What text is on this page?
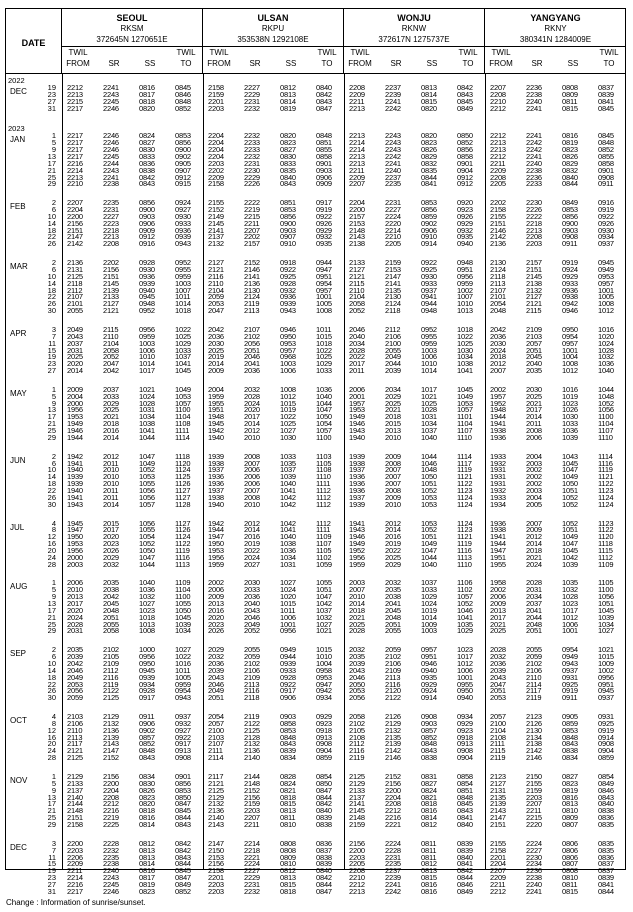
DATE
SEOUL
RKSM
372645N 1270651E
TWIL
FROM	SR	SS
TWIL
TO
ULSAN
RKPU
353538N 1292108E
TWIL
FROM	SR	SS
TWIL
TO
WONJU
RKNW
372617N 1275737E
TWIL
FROM	SR	SS
TWIL
TO
YANGYANG
RKNY
380341N 1284009E
TWIL
FROM	SR	SS
TWIL
TO
2022
DEC	19 2212	2241	0816	0845 2158	2227	0812	0840 2208	2237	0813	0842 2207	2236	0808	0837
23 2213	2243	0817	0846 2159	2229	0813	0842 2209	2239	0814	0843 2208	2238	0809	0839
27 2215	2245	0818	0848 2201	2231	0814	0843 2211	2241	0815	0845 2210	2240	0811	0841
31 2217	2246	0820	0852 2203	2232	0819	0847 2213	2242	0820	0849 2212	2241	0815	0845
2023
JAN	1 2217	2246	0824	0853 2204	2232	0820	0848 2213	2243	0820	0850 2212	2241	0816	0845
5 2217	2246	0827	0856 2204	2233	0823	0851 2214	2243	0823	0852 2213	2242	0819	0848
9 2217	2246	0830	0900 2204	2233	0827	0855 2214	2243	0826	0856 2213	2242	0823	0852
13 2217	2245	0833	0902 2204	2232	0830	0858 2213	2242	0829	0858 2212	2241	0826	0855
17 2216	2244	0836	0905 2203	2231	0833	0901 2213	2241	0832	0901 2211	2240	0829	0858
21 2214	2243	0838	0907 2202	2230	0835	0903 2211	2240	0835	0904 2209	2238	0832	0901
25 2213	2241	0842	0912 2209	2229	0840	0906 2209	2237	0844	0912 2208	2236	0840	0908
29 2210	2238	0843	0915 2158	2226	0843	0909 2207	2235	0841	0912 2205	2233	0844	0911
FEB	2 2207	2235	0856	0924 2155	2222	0851	0917 2204	2231	0853	0920 2202	2230	0849	0916
6 2204	2231	0900	0927 2152	2219	0853	0919 2200	2227	0856	0923 2158	2226	0853	0919
10 2200	2227	0903	0930 2149	2215	0856	0922 2157	2224	0859	0926 2155	2222	0856	0922
14 2156	2223	0906	0933 2145	2211	0900	0926 2153	2220	0902	0929 2151	2218	0900	0926
18 2151	2218	0909	0936 2141	2207	0903	0929 2148	2214	0906	0932 2146	2213	0903	0930
22 2147	2213	0912	0939 2137	2202	0907	0932 2143	2210	0910	0935 2142	2208	0908	0934
26 2142	2208	0916	0943 2132	2157	0910	0935 2138	2205	0914	0940 2136	2203	0911	0937
MAR	2 2136	2202	0928	0952 2127	2152	0918	0944 2133	2159	0922	0948 2130	2157	0919	0945
6 2131	2156	0930	0955 2121	2146	0922	0947 2127	2153	0925	0951 2124	2151	0924	0949
10 2125	2151	0936	0959 2116	2141	0925	0951 2121	2147	0930	0956 2118	2145	0929	0953
14 2118	2145	0939	1003 2110	2136	0928	0954 2115	2141	0933	0959 2113	2138	0933	0957
18 2112	2139	0940	1007 2104	2130	0932	0957 2110	2135	0937	1002 2107	2132	0936	1001
22 2107	2133	0945	1011 2059	2124	0936	1001 2104	2130	0941	1007 2101	2127	0938	1005
26 2101	2127	0948	1014 2053	2119	0939	1005 2058	2124	0944	1010 2054	2121	0942	1008
30 2055	2121	0952	1018 2047	2113	0943	1008 2052	2118	0948	1013 2048	2115	0946	1012
APR	3 2049	2115	0956	1022 2042	2107	0946	1011 2046	2112	0952	1018 2042	2109	0950	1016
7 2043	2110	0959	1025 2036	2102	0950	1015 2040	2106	0955	1022 2036	2103	0954	1020
11 2037	2104	1003	1029 2030	2056	0953	1018 2034	2100	0959	1025 2030	2057	0957	1024
15 2031	2058	1006	1033 2025	2051	0957	1022 2028	2055	1003	1030 2024	2051	1001	1028
19 2025	2052	1010	1037 2019	2046	0968	1025 2022	2049	1006	1034 2018	2045	1004	1032
23 2020	2047	1014	1041 2014	2041	1003	1029 2017	2044	1010	1038 2012	2040	1008	1036
27 2014	2042	1017	1045 2009	2036	1006	1033 2011	2039	1014	1041 2007	2035	1012	1040
MAY	1 2009	2037	1021	1049 2004	2032	1008	1036 2006	2034	1017	1045 2002	2030	1016	1044
5 2004	2033	1024	1053 1959	2028	1012	1040 2001	2029	1021	1049 1957	2025	1019	1048
9 2000	2029	1028	1057 1955	2024	1015	1044 1957	2025	1025	1053 1952	2021	1023	1052
13 1956	2025	1031	1100 1951	2020	1019	1047 1953	2021	1028	1057 1948	2017	1026	1056
17 1953	2021	1034	1104 1948	2017	1022	1050 1949	2018	1031	1101 1944	2014	1030	1100
21 1949	2018	1038	1108 1945	2014	1025	1054 1946	2015	1034	1104 1941	2011	1033	1104
25 1946	2016	1041	1111	1942	2012	1027	1057 1943	2013	1037	1107 1938	2008	1036	1107
29 1944	2014	1044	1114 1940	2010	1030	1100 1940	2010	1040	1110 1936	2006	1039	1110
JUN	2 1942	2012	1047	1118 1939	2008	1033	1103 1939	2009	1044	1114 1933	2004	1043	1114
6 1941	2011	1049	1120 1938	2007	1035	1105 1938	2008	1046	1117 1932	2003	1045	1116
10 1940	2010	1052	1124 1937	2006	1037	1108 1937	2007	1048	1119 1931	2002	1047	1119
14 1939	2010	1053	1125 1936	2006	1039	1110 1936	2007	1050	1121 1931	2002	1049	1121
18 1939	2010	1055	1126 1936	2006	1040	1111	1936	2007	1051	1122 1931	2002	1050	1122
22 1940	2011	1056	1127 1937	2007	1041	1112 1936	2008	1052	1123 1932	2003	1051	1123
26 1941	2011	1056	1127 1938	2008	1042	1112 1937	2009	1053	1124 1933	2004	1052	1124
30 1943	2014	1057	1128 1940	2010	1042	1112 1939	2010	1053	1124 1934	2005	1052	1124
JUL	4 1945	2015	1056	1127 1942	2012	1042	1112 1941	2012	1053	1124 1936	2007	1052	1123
8 1947	2017	1055	1126 1944	2014	1041	1111	1943	2014	1052	1123 1938	2009	1051	1122
12 1950	2020	1054	1124 1947	2016	1040	1109 1946	2016	1051	1121 1941	2012	1049	1120
16 1953	2023	1052	1122 1950	2019	1038	1107 1949	2019	1049	1119 1944	2014	1047	1118
20 1956	2026	1050	1119 1953	2022	1036	1105 1952	2022	1047	1116 1947	2018	1045	1115
24 2000	2029	1047	1116 1956	2024	1034	1102 1956	2025	1044	1113 1951	2021	1042	1112
28 2003	2032	1044	1113 1959	2027	1031	1059 1959	2029	1040	1110 1955	2024	1039	1109
AUG	1 2006	2035	1040	1109 2002	2030	1027	1055 2003	2032	1037	1106 1958	2028	1035	1105
5 2010	2038	1036	1104 2006	2033	1024	1051 2007	2035	1033	1102 2002	2031	1032	1100
9 2013	2042	1032	1100 2009	2036	1020	1047 2010	2038	1029	1057 2006	2034	1028	1056
13 2017	2045	1027	1055 2013	2040	1015	1042 2014	2041	1024	1052 2009	2037	1023	1051
17 2020	2048	1023	1050 2016	2043	1011	1037 2018	2045	1019	1046 2013	2041	1017	1045
21 2024	2051	1018	1045 2020	2046	1006	1032 2021	2048	1014	1041 2017	2044	1012	1039
25 2028	2055	1013	1039 2023	2049	1001	1027 2025	2051	1009	1035 2021	2048	1006	1034
29 2031	2058	1008	1034 2026	2052	0956	1021 2028	2055	1003	1029 2025	2051	1001	1027
SEP	2 2035	2102	1000	1027 2029	2055	0949	1015 2032	2059	0957	1023 2028	2055	0954	1021
6 2039	2105	0956	1022 2032	2059	0944	1010 2035	2102	0951	1017 2032	2059	0949	1015
10 2042	2109	0950	1016 2036	2102	0939	1004 2039	2106	0946	1012 2036	2102	0943	1009
14 2046	2112	0945	1011 2039	2106	0933	0958 2043	2109	0940	1006 2039	2106	0937	1002
18 2049	2116	0939	1005 2043	2109	0928	0953 2046	2113	0935	1001 2043	2110	0931	0956
22 2053	2119	0934	0959 2046	2113	0922	0947 2050	2116	0929	0955 2047	2114	0925	0951
26 2056	2122	0928	0954 2049	2116	0917	0942 2053	2120	0924	0950 2051	2117	0919	0945
30 2059	2125	0917	0943 2051	2118	0906	0934 2056	2122	0914	0940 2053	2119	0911	0937
OCT	4 2103	2129	0911	0937 2054	2119	0903	0929 2058	2126	0908	0934 2057	2123	0905	0931
8 2106	2132	0906	0932 2057	2122	0858	0923 2102	2129	0903	0929 2100	2126	0859	0925
12 2110	2136	0902	0927 2100	2125	0853	0918 2105	2132	0857	0923 2104	2130	0853	0919
16 2113	2139	0857	0922 2103	2128	0848	0913 2108	2135	0852	0918 2108	2134	0848	0914
20 2117	2143	0852	0917 2107	2132	0843	0908 2112	2139	0848	0913 2111	2138	0843	0908
24 2121	2147	0848	0913 2111	2136	0839	0904 2116	2142	0843	0908 2115	2142	0838	0904
28 2125	2152	0843	0908 2114	2140	0834	0859 2119	2146	0838	0904 2119	2146	0834	0859
NOV	1 2129	2156	0834	0901 2117	2144	0828	0854 2125	2152	0831	0858 2123	2150	0827	0854
5 2133	2200	0830	0856 2121	2148	0824	0850 2129	2156	0827	0854 2127	2155	0823	0849
9 2137	2204	0826	0853 2125	2152	0821	0847 2133	2200	0824	0851 2131	2159	0819	0846
13 2140	2208	0823	0850 2129	2156	0818	0844 2137	2204	0821	0848 2135	2203	0816	0843
17 2144	2212	0820	0847 2132	2159	0815	0842 2141	2208	0818	0845 2139	2207	0813	0840
21 2148	2216	0818	0845 2136	2203	0813	0840 2145	2212	0816	0843 2143	2211	0810	0838
25 2151	2219	0816	0844 2140	2207	0811	0839 2148	2216	0814	0841 2147	2215	0809	0836
29 2158	2225	0814	0843 2143	2211	0810	0838 2159	2221	0812	0840 2151	2220	0807	0835
DEC	3 2200	2228	0812	0842 2147	2214	0808	0836 2156	2224	0811	0839 2155	2224	0806	0835
7 2203	2232	0813	0842 2150	2218	0808	0837 2200	2228	0811	0839 2158	2227	0806	0835
11 2206	2235	0813	0843 2153	2221	0809	0838 2203	2231	0811	0840 2201	2230	0806	0836
15 2209	2238	0814	0844 2156	2224	0810	0839 2205	2235	0812	0841 2204	2234	0807	0837
19 2211	2240	0816	0845 2158	2227	0812	0840 2208	2237	0813	0842 2207	2236	0808	0837
23 2214	2243	0817	0847 2201	2229	0813	0842 2210	2239	0815	0844 2209	2238	0810	0839
27 2216	2245	0819	0849 2203	2231	0815	0844 2212	2241	0816	0846 2211	2240	0811	0841
31 2217	2246	0823	0852 2203	2232	0818	0847 2213	2242	0816	0849 2212	2241	0815	0844
Change : Information of sunrise/sunset.
